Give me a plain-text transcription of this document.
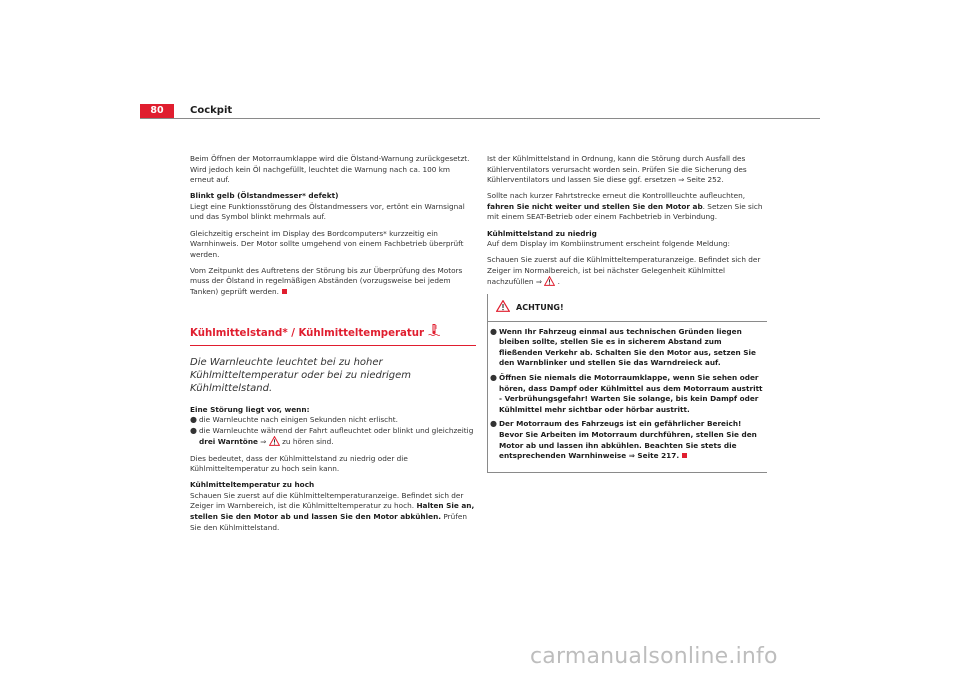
80	Cockpit

Beim Öffnen der Motorraumklappe wird die Ölstand-Warnung zurückgesetzt. Wird jedoch kein Öl nachgefüllt, leuchtet die Warnung nach ca. 100 km erneut auf.

Blinkt gelb (Ölstandmesser* defekt)

Liegt eine Funktionsstörung des Ölstandmessers vor, ertönt ein Warnsignal und das Symbol blinkt mehrmals auf.

Gleichzeitig erscheint im Display des Bordcomputers* kurzzeitig ein Warnhinweis. Der Motor sollte umgehend von einem Fachbetrieb überprüft werden.

Vom Zeitpunkt des Auftretens der Störung bis zur Überprüfung des Motors muss der Ölstand in regelmäßigen Abständen (vorzugsweise bei jedem Tanken) geprüft werden.

Kühlmittelstand* / Kühlmitteltemperatur
Die Warnleuchte leuchtet bei zu hoher Kühlmitteltemperatur oder bei zu niedrigem Kühlmittelstand.

Eine Störung liegt vor, wenn:

● die Warnleuchte nach einigen Sekunden nicht erlischt.
● die Warnleuchte während der Fahrt aufleuchtet oder blinkt und gleichzeitig drei Warntöne ⇒ zu hören sind.

Dies bedeutet, dass der Kühlmittelstand zu niedrig oder die Kühlmitteltemperatur zu hoch sein kann.

Kühlmitteltemperatur zu hoch

Schauen Sie zuerst auf die Kühlmitteltemperaturanzeige. Befindet sich der Zeiger im Warnbereich, ist die Kühlmitteltemperatur zu hoch. Halten Sie an, stellen Sie den Motor ab und lassen Sie den Motor abkühlen. Prüfen Sie den Kühlmittelstand.

Ist der Kühlmittelstand in Ordnung, kann die Störung durch Ausfall des Kühlerventilators verursacht worden sein. Prüfen Sie die Sicherung des Kühlerventilators und lassen Sie diese ggf. ersetzen ⇒ Seite 252.

Sollte nach kurzer Fahrtstrecke erneut die Kontrollleuchte aufleuchten, fahren Sie nicht weiter und stellen Sie den Motor ab. Setzen Sie sich mit einem SEAT-Betrieb oder einem Fachbetrieb in Verbindung.

Kühlmittelstand zu niedrig

Auf dem Display im Kombiinstrument erscheint folgende Meldung:

Schauen Sie zuerst auf die Kühlmitteltemperaturanzeige. Befindet sich der Zeiger im Normalbereich, ist bei nächster Gelegenheit Kühlmittel nachzufüllen ⇒ .

ACHTUNG!
● Wenn Ihr Fahrzeug einmal aus technischen Gründen liegen bleiben sollte, stellen Sie es in sicherem Abstand zum fließenden Verkehr ab. Schalten Sie den Motor aus, setzen Sie den Warnblinker und stellen Sie das Warndreieck auf.
● Öffnen Sie niemals die Motorraumklappe, wenn Sie sehen oder hören, dass Dampf oder Kühlmittel aus dem Motorraum austritt - Verbrühungsgefahr! Warten Sie solange, bis kein Dampf oder Kühlmittel mehr sichtbar oder hörbar austritt.
● Der Motorraum des Fahrzeugs ist ein gefährlicher Bereich! Bevor Sie Arbeiten im Motorraum durchführen, stellen Sie den Motor ab und lassen ihn abkühlen. Beachten Sie stets die entsprechenden Warnhinweise ⇒ Seite 217.
carmanualsonline.info
